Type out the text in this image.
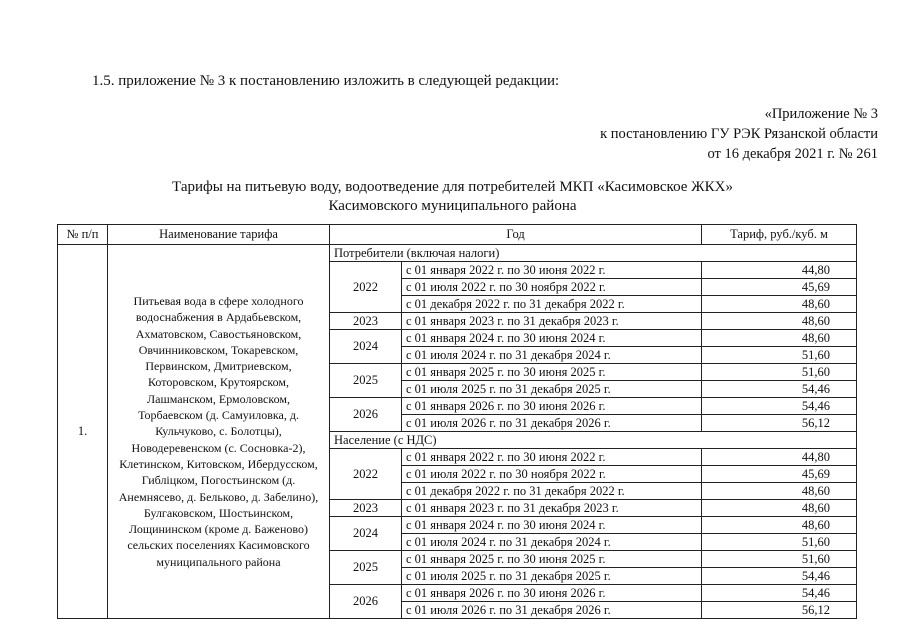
1.5. приложение № 3 к постановлению изложить в следующей редакции:
«Приложение № 3
к постановлению ГУ РЭК Рязанской области
от 16 декабря 2021 г. № 261
Тарифы на питьевую воду, водоотведение для потребителей МКП «Касимовское ЖКХ»
Касимовского муниципального района
№ п/п	Наименование тарифа	Год		Тариф, руб./куб. м
1.	Питьевая вода в сфере холодного водоснабжения в Ардабьевском, Ахматовском, Савостьяновском, Овчинниковском, Токаревском, Первинском, Дмитриевском, Которовском, Крутоярском, Лашманском, Ермоловском, Торбаевском (д. Самуиловка, д. Кульчуково, с. Болотцы), Новодеревенском (с. Сосновка-2), Клетинском, Китовском, Ибердусском, Гибліцком, Погостьинском (д. Анемнясево, д. Бельково, д. Забелино), Булгаковском, Шостьинском, Лощининском (кроме д. Баженово) сельских поселениях Касимовского муниципального района	Потребители (включая налоги)		
		2022	с 01 января 2022 г. по 30 июня 2022 г.	44,80
			с 01 июля 2022 г. по 30 ноября 2022 г.	45,69
			с 01 декабря 2022 г. по 31 декабря 2022 г.	48,60
		2023	с 01 января 2023 г. по 31 декабря 2023 г.	48,60
		2024	с 01 января 2024 г. по 30 июня 2024 г.	48,60
			с 01 июля 2024 г. по 31 декабря 2024 г.	51,60
		2025	с 01 января 2025 г. по 30 июня 2025 г.	51,60
			с 01 июля 2025 г. по 31 декабря 2025 г.	54,46
		2026	с 01 января 2026 г. по 30 июня 2026 г.	54,46
			с 01 июля 2026 г. по 31 декабря 2026 г.	56,12
		Население (с НДС)		
		2022	с 01 января 2022 г. по 30 июня 2022 г.	44,80
			с 01 июля 2022 г. по 30 ноября 2022 г.	45,69
			с 01 декабря 2022 г. по 31 декабря 2022 г.	48,60
		2023	с 01 января 2023 г. по 31 декабря 2023 г.	48,60
		2024	с 01 января 2024 г. по 30 июня 2024 г.	48,60
			с 01 июля 2024 г. по 31 декабря 2024 г.	51,60
		2025	с 01 января 2025 г. по 30 июня 2025 г.	51,60
			с 01 июля 2025 г. по 31 декабря 2025 г.	54,46
		2026	с 01 января 2026 г. по 30 июня 2026 г.	54,46
			с 01 июля 2026 г. по 31 декабря 2026 г.	56,12
